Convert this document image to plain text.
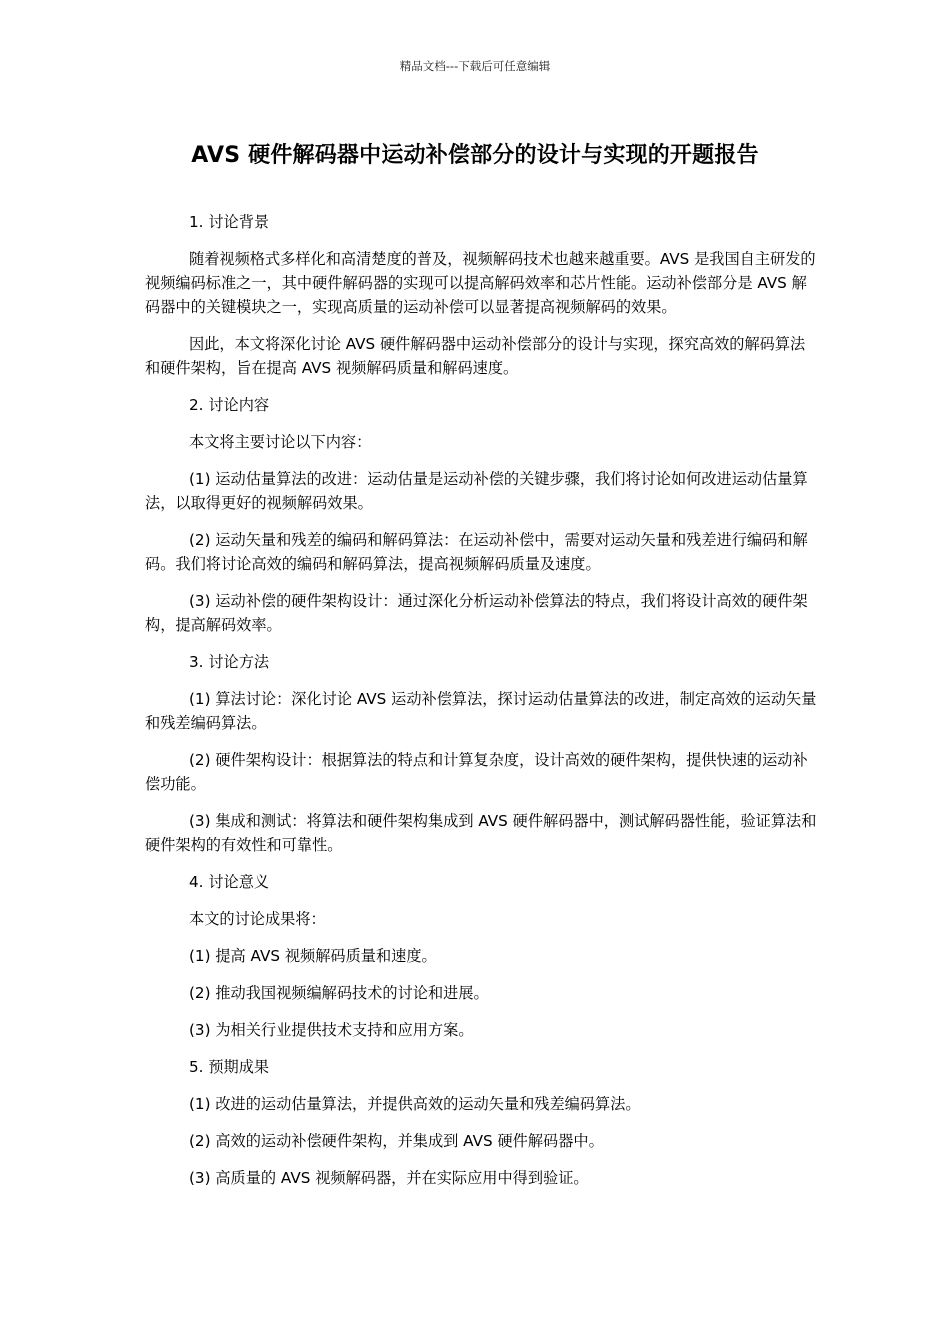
精品文档---下载后可任意编辑
AVS 硬件解码器中运动补偿部分的设计与实现的开题报告

1. 讨论背景

随着视频格式多样化和高清楚度的普及，视频解码技术也越来越重要。AVS 是我国自主研发的视频编码标准之一，其中硬件解码器的实现可以提高解码效率和芯片性能。运动补偿部分是 AVS 解码器中的关键模块之一，实现高质量的运动补偿可以显著提高视频解码的效果。

因此，本文将深化讨论 AVS 硬件解码器中运动补偿部分的设计与实现，探究高效的解码算法和硬件架构，旨在提高 AVS 视频解码质量和解码速度。

2. 讨论内容

本文将主要讨论以下内容：

(1) 运动估量算法的改进：运动估量是运动补偿的关键步骤，我们将讨论如何改进运动估量算法，以取得更好的视频解码效果。

(2) 运动矢量和残差的编码和解码算法：在运动补偿中，需要对运动矢量和残差进行编码和解码。我们将讨论高效的编码和解码算法，提高视频解码质量及速度。

(3) 运动补偿的硬件架构设计：通过深化分析运动补偿算法的特点，我们将设计高效的硬件架构，提高解码效率。

3. 讨论方法

(1) 算法讨论：深化讨论 AVS 运动补偿算法，探讨运动估量算法的改进，制定高效的运动矢量和残差编码算法。

(2) 硬件架构设计：根据算法的特点和计算复杂度，设计高效的硬件架构，提供快速的运动补偿功能。

(3) 集成和测试：将算法和硬件架构集成到 AVS 硬件解码器中，测试解码器性能，验证算法和硬件架构的有效性和可靠性。

4. 讨论意义

本文的讨论成果将：

(1) 提高 AVS 视频解码质量和速度。

(2) 推动我国视频编解码技术的讨论和进展。

(3) 为相关行业提供技术支持和应用方案。

5. 预期成果

(1) 改进的运动估量算法，并提供高效的运动矢量和残差编码算法。

(2) 高效的运动补偿硬件架构，并集成到 AVS 硬件解码器中。

(3) 高质量的 AVS 视频解码器，并在实际应用中得到验证。
